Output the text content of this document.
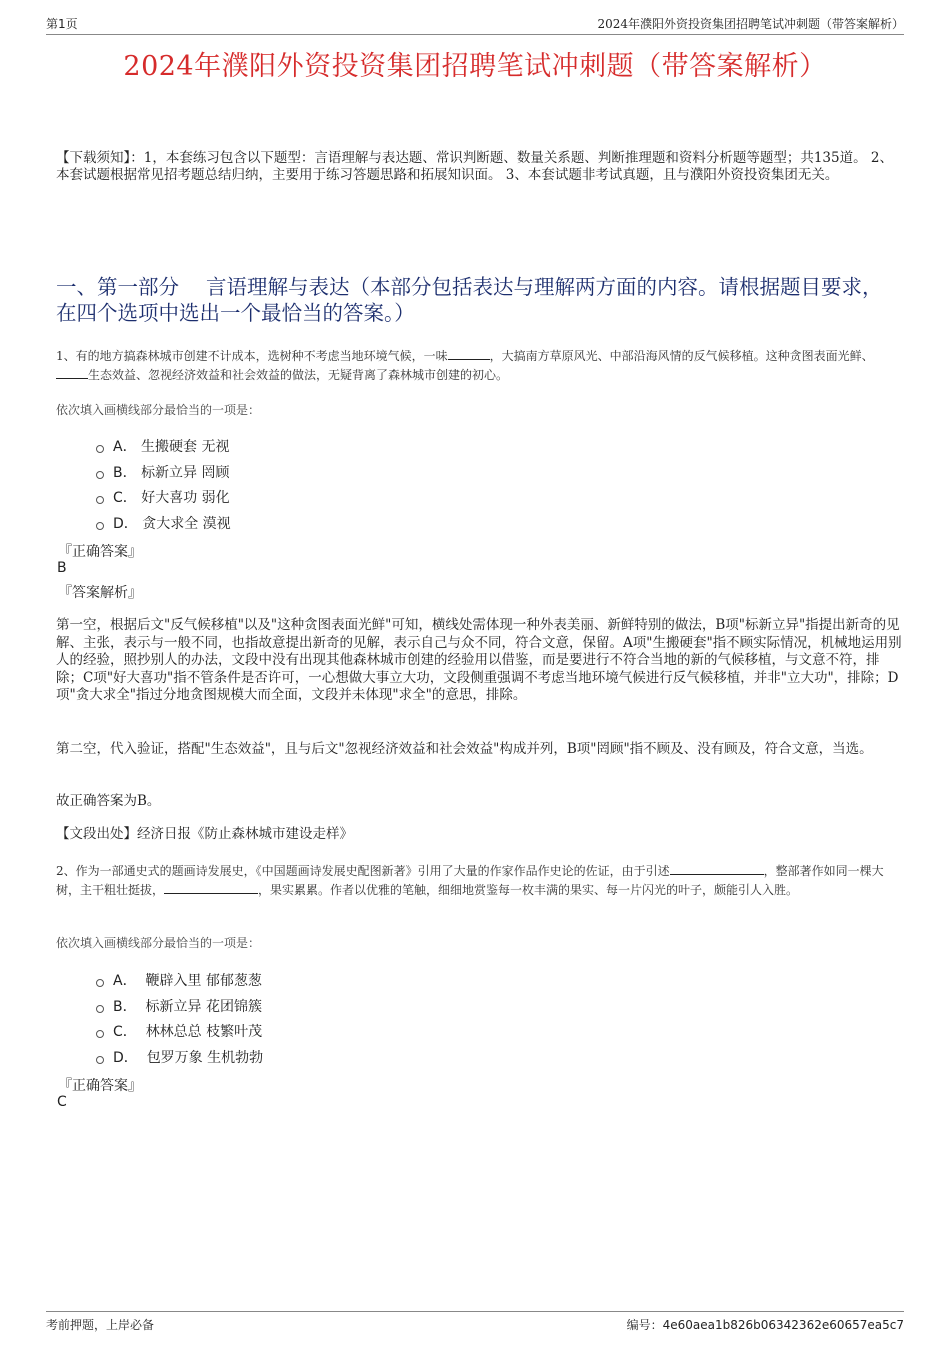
第1页	2024年濮阳外资投资集团招聘笔试冲刺题（带答案解析）
2024年濮阳外资投资集团招聘笔试冲刺题（带答案解析）
【下载须知】：1，本套练习包含以下题型：言语理解与表达题、常识判断题、数量关系题、判断推理题和资料分析题等题型；共135道。 2、本套试题根据常见招考题总结归纳，主要用于练习答题思路和拓展知识面。 3、本套试题非考试真题，且与濮阳外资投资集团无关。
一、第一部分　 言语理解与表达（本部分包括表达与理解两方面的内容。请根据题目要求，在四个选项中选出一个最恰当的答案。）
1、有的地方搞森林城市创建不计成本，选树种不考虑当地环境气候，一味	，大搞南方草原风光、中部沿海风情的反气候移植。这种贪图表面光鲜、生态效益、忽视经济效益和社会效益的做法，无疑背离了森林城市创建的初心。
依次填入画横线部分最恰当的一项是：
A．
生搬硬套 无视
B．
标新立异 罔顾
C．
好大喜功 弱化
D．
贪大求全 漠视
『正确答案』
B
『答案解析』
第一空，根据后文"反气候移植"以及"这种贪图表面光鲜"可知，横线处需体现一种外表美丽、新鲜特别的做法，B项"标新立异"指提出新奇的见解、主张，表示与一般不同，也指故意提出新奇的见解，表示自己与众不同，符合文意，保留。A项"生搬硬套"指不顾实际情况，机械地运用别人的经验，照抄别人的办法，文段中没有出现其他森林城市创建的经验用以借鉴，而是要进行不符合当地的新的气候移植，与文意不符，排除；C项"好大喜功"指不管条件是否许可，一心想做大事立大功，文段侧重强调不考虑当地环境气候进行反气候移植，并非"立大功"，排除；D项"贪大求全"指过分地贪图规模大而全面，文段并未体现"求全"的意思，排除。
第二空，代入验证，搭配"生态效益"，且与后文"忽视经济效益和社会效益"构成并列，B项"罔顾"指不顾及、没有顾及，符合文意，当选。
故正确答案为B。
【文段出处】经济日报《防止森林城市建设走样》
2、作为一部通史式的题画诗发展史，《中国题画诗发展史配图新著》引用了大量的作家作品作史论的佐证，由于引述	，整部著作如同一棵大树，主干粗壮挺拔，	，果实累累。作者以优雅的笔触，细细地赏鉴每一枚丰满的果实、每一片闪光的叶子，颇能引人入胜。
依次填入画横线部分最恰当的一项是：
A．
鞭辟入里 郁郁葱葱
B．
标新立异 花团锦簇
C．
林林总总 枝繁叶茂
D．
包罗万象 生机勃勃
『正确答案』
C
考前押题，上岸必备	编号：4e60aea1b826b06342362e60657ea5c7
